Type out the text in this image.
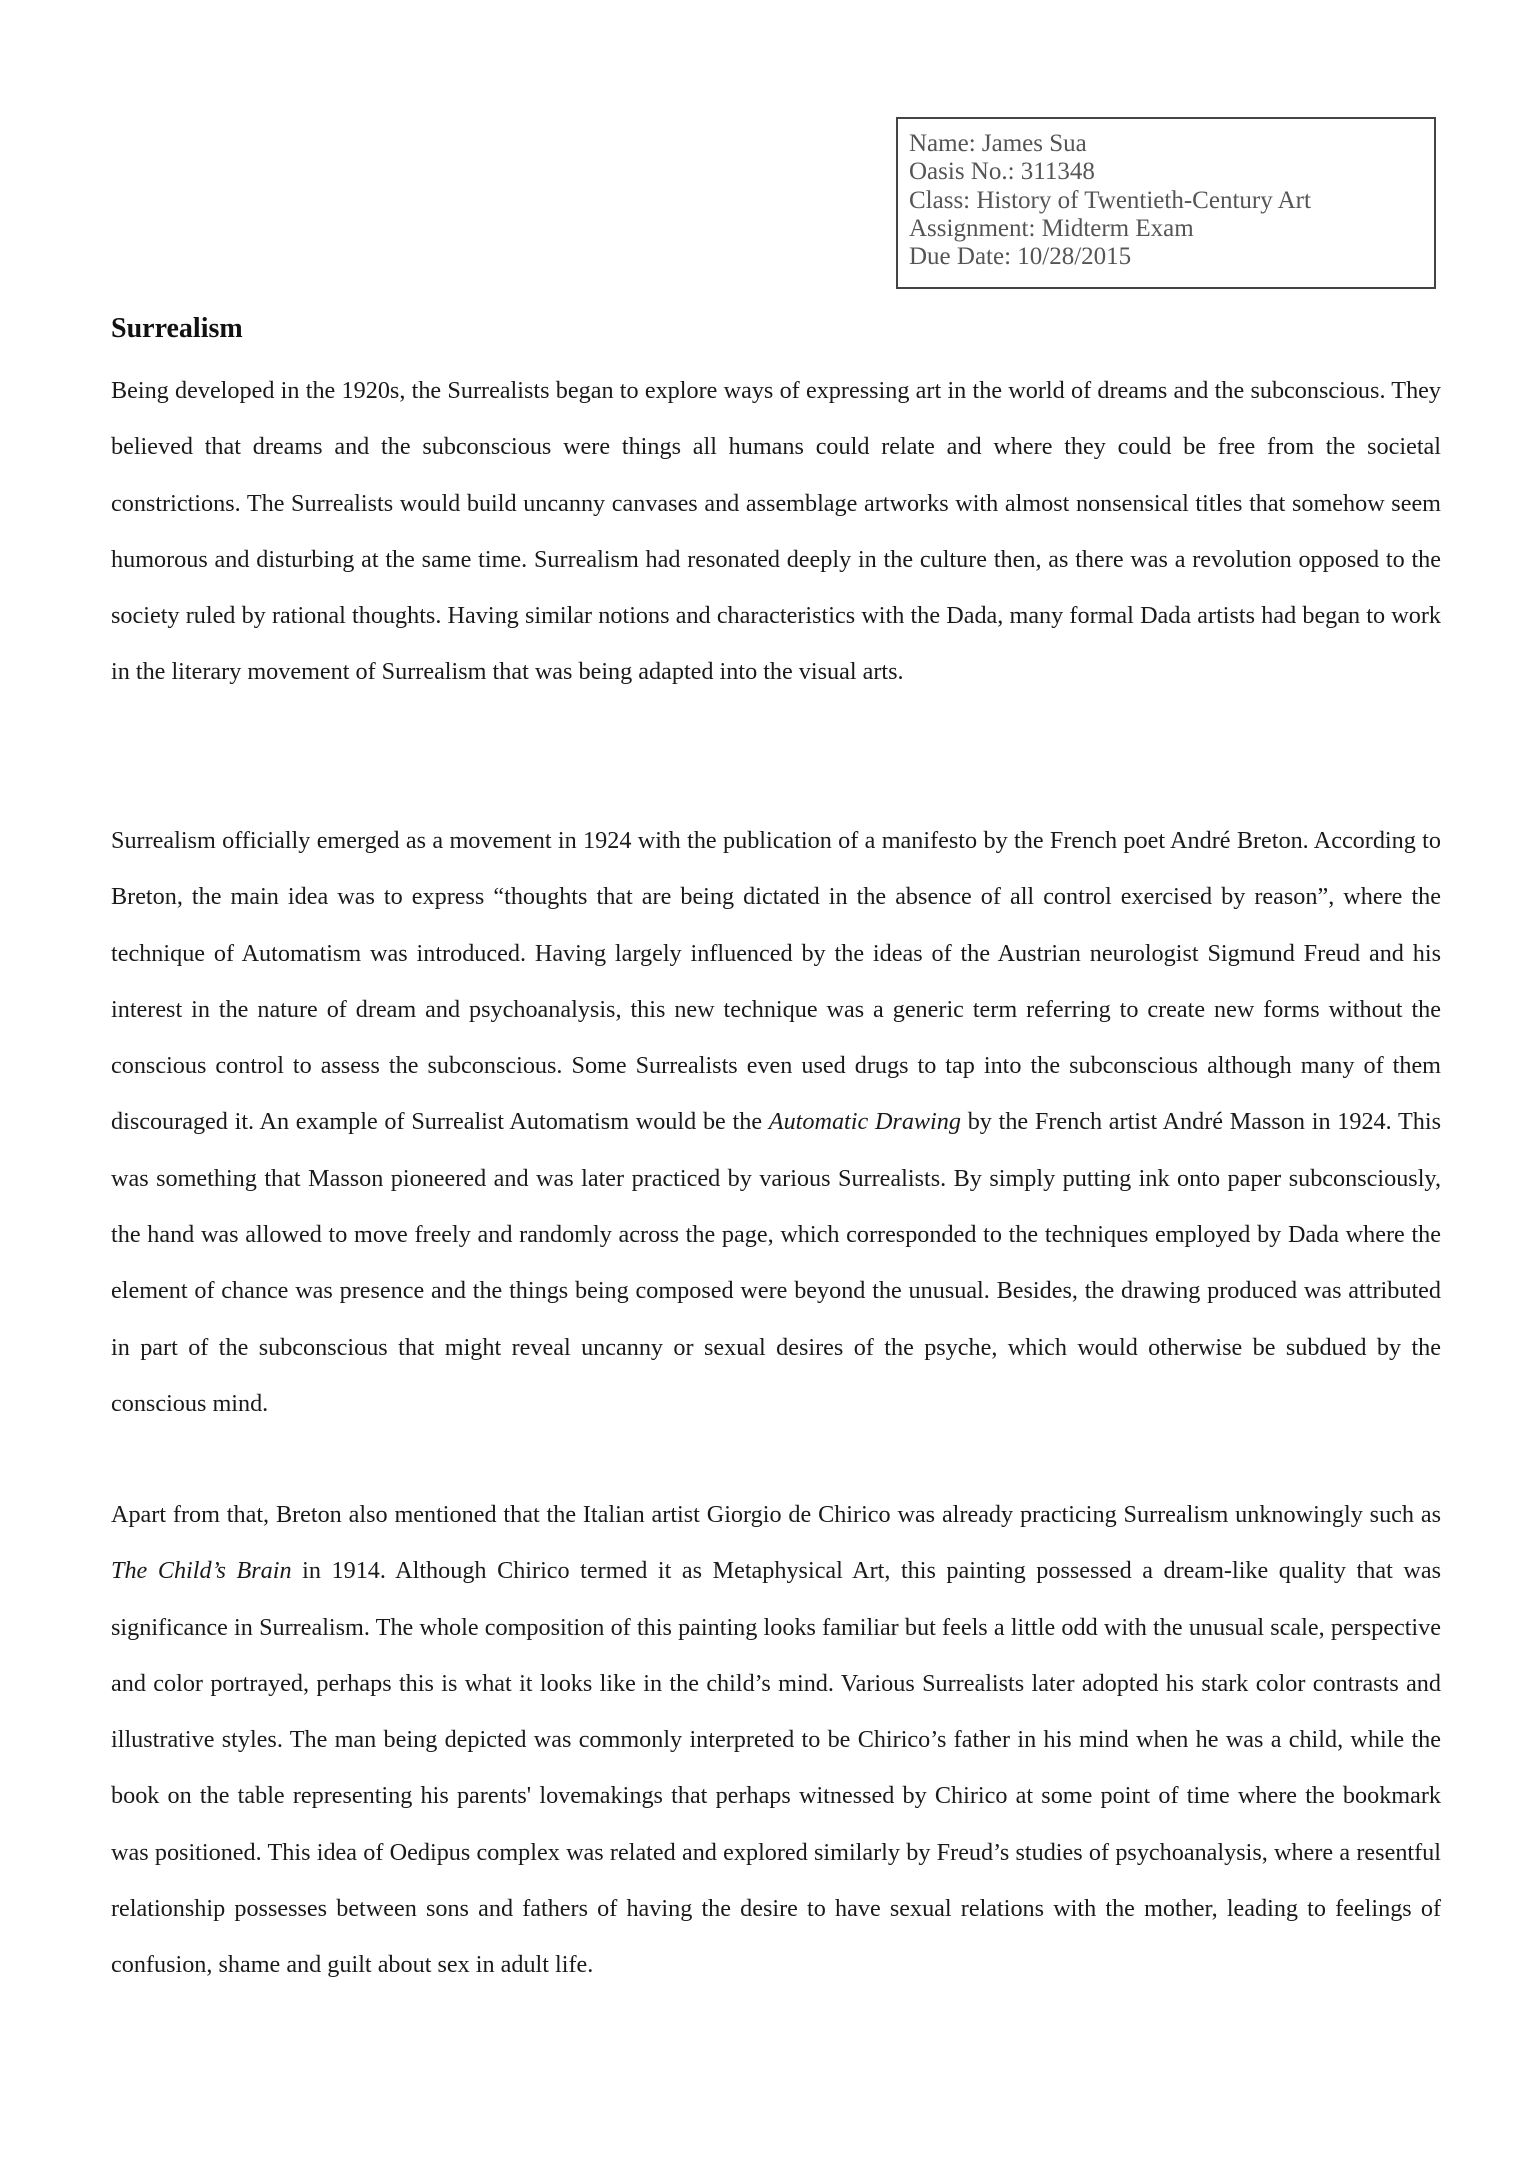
Name: James Sua
Oasis No.: 311348
Class: History of Twentieth-Century Art
Assignment: Midterm Exam
Due Date: 10/28/2015
Surrealism
Being developed in the 1920s, the Surrealists began to explore ways of expressing art in the world of dreams and the subconscious. They believed that dreams and the subconscious were things all humans could relate and where they could be free from the societal constrictions. The Surrealists would build uncanny canvases and assemblage artworks with almost nonsensical titles that somehow seem humorous and disturbing at the same time. Surrealism had resonated deeply in the culture then, as there was a revolution opposed to the society ruled by rational thoughts. Having similar notions and characteristics with the Dada, many formal Dada artists had began to work in the literary movement of Surrealism that was being adapted into the visual arts.
Surrealism officially emerged as a movement in 1924 with the publication of a manifesto by the French poet André Breton. According to Breton, the main idea was to express “thoughts that are being dictated in the absence of all control exercised by reason”, where the technique of Automatism was introduced. Having largely influenced by the ideas of the Austrian neurologist Sigmund Freud and his interest in the nature of dream and psychoanalysis, this new technique was a generic term referring to create new forms without the conscious control to assess the subconscious. Some Surrealists even used drugs to tap into the subconscious although many of them discouraged it. An example of Surrealist Automatism would be the Automatic Drawing by the French artist André Masson in 1924. This was something that Masson pioneered and was later practiced by various Surrealists. By simply putting ink onto paper subconsciously, the hand was allowed to move freely and randomly across the page, which corresponded to the techniques employed by Dada where the element of chance was presence and the things being composed were beyond the unusual. Besides, the drawing produced was attributed in part of the subconscious that might reveal uncanny or sexual desires of the psyche, which would otherwise be subdued by the conscious mind.
Apart from that, Breton also mentioned that the Italian artist Giorgio de Chirico was already practicing Surrealism unknowingly such as The Child’s Brain in 1914. Although Chirico termed it as Metaphysical Art, this painting possessed a dream-like quality that was significance in Surrealism. The whole composition of this painting looks familiar but feels a little odd with the unusual scale, perspective and color portrayed, perhaps this is what it looks like in the child’s mind. Various Surrealists later adopted his stark color contrasts and illustrative styles. The man being depicted was commonly interpreted to be Chirico’s father in his mind when he was a child, while the book on the table representing his parents' lovemakings that perhaps witnessed by Chirico at some point of time where the bookmark was positioned. This idea of Oedipus complex was related and explored similarly by Freud’s studies of psychoanalysis, where a resentful relationship possesses between sons and fathers of having the desire to have sexual relations with the mother, leading to feelings of confusion, shame and guilt about sex in adult life.
